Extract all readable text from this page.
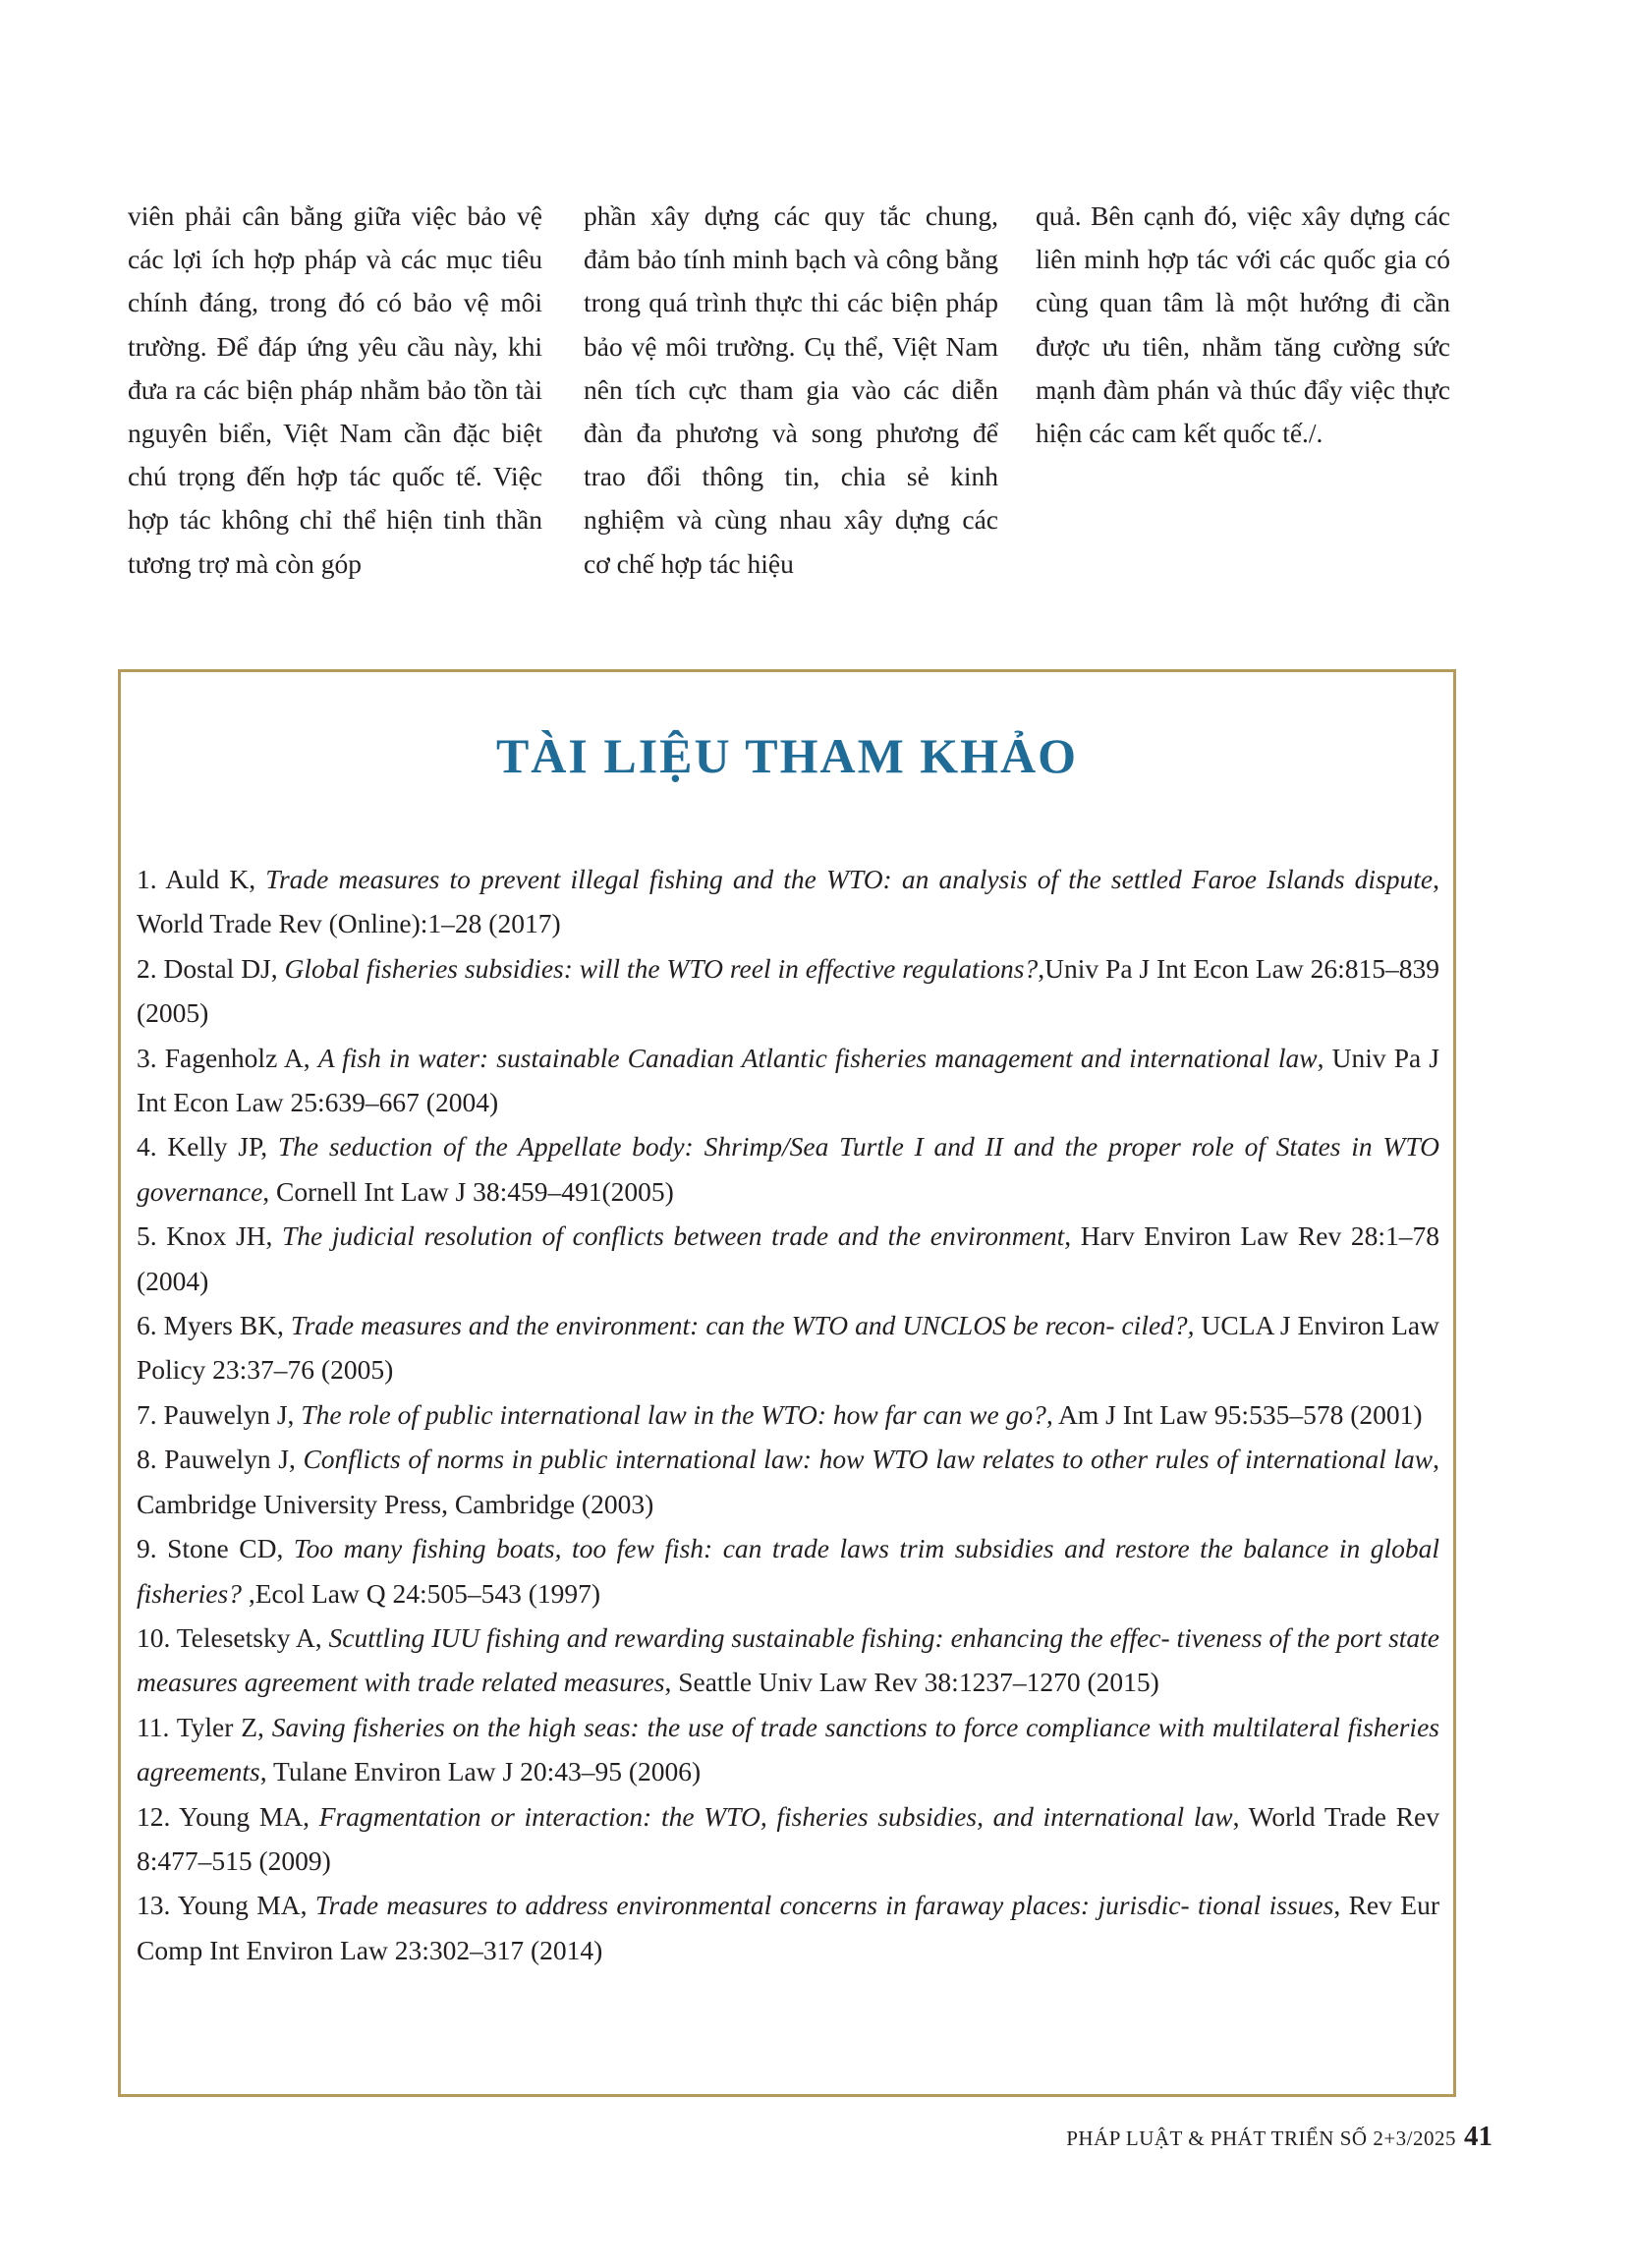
viên phải cân bằng giữa việc bảo vệ các lợi ích hợp pháp và các mục tiêu chính đáng, trong đó có bảo vệ môi trường. Để đáp ứng yêu cầu này, khi đưa ra các biện pháp nhằm bảo tồn tài nguyên biển, Việt Nam cần đặc biệt chú trọng đến hợp tác quốc tế. Việc hợp tác không chỉ thể hiện tinh thần tương trợ mà còn góp

phần xây dựng các quy tắc chung, đảm bảo tính minh bạch và công bằng trong quá trình thực thi các biện pháp bảo vệ môi trường. Cụ thể, Việt Nam nên tích cực tham gia vào các diễn đàn đa phương và song phương để trao đổi thông tin, chia sẻ kinh nghiệm và cùng nhau xây dựng các cơ chế hợp tác hiệu

quả. Bên cạnh đó, việc xây dựng các liên minh hợp tác với các quốc gia có cùng quan tâm là một hướng đi cần được ưu tiên, nhằm tăng cường sức mạnh đàm phán và thúc đẩy việc thực hiện các cam kết quốc tế./.

TÀI LIỆU THAM KHẢO
1. Auld K, Trade measures to prevent illegal fishing and the WTO: an analysis of the settled Faroe Islands dispute, World Trade Rev (Online):1–28 (2017)
2. Dostal DJ, Global fisheries subsidies: will the WTO reel in effective regulations?,Univ Pa J Int Econ Law 26:815–839 (2005)
3. Fagenholz A, A fish in water: sustainable Canadian Atlantic fisheries management and international law, Univ Pa J Int Econ Law 25:639–667 (2004)
4. Kelly JP, The seduction of the Appellate body: Shrimp/Sea Turtle I and II and the proper role of States in WTO governance, Cornell Int Law J 38:459–491(2005)
5. Knox JH, The judicial resolution of conflicts between trade and the environment, Harv Environ Law Rev 28:1–78 (2004)
6. Myers BK, Trade measures and the environment: can the WTO and UNCLOS be recon- ciled?, UCLA J Environ Law Policy 23:37–76 (2005)
7. Pauwelyn J, The role of public international law in the WTO: how far can we go?, Am J Int Law 95:535–578 (2001)
8. Pauwelyn J, Conflicts of norms in public international law: how WTO law relates to other rules of international law, Cambridge University Press, Cambridge (2003)
9. Stone CD, Too many fishing boats, too few fish: can trade laws trim subsidies and restore the balance in global fisheries? ,Ecol Law Q 24:505–543 (1997)
10. Telesetsky A, Scuttling IUU fishing and rewarding sustainable fishing: enhancing the effec- tiveness of the port state measures agreement with trade related measures, Seattle Univ Law Rev 38:1237–1270 (2015)
11. Tyler Z, Saving fisheries on the high seas: the use of trade sanctions to force compliance with multilateral fisheries agreements, Tulane Environ Law J 20:43–95 (2006)
12. Young MA, Fragmentation or interaction: the WTO, fisheries subsidies, and international law, World Trade Rev 8:477–515 (2009)
13. Young MA, Trade measures to address environmental concerns in faraway places: jurisdic- tional issues, Rev Eur Comp Int Environ Law 23:302–317 (2014)
PHÁP LUẬT & PHÁT TRIỂN SỐ 2+3/2025 41
